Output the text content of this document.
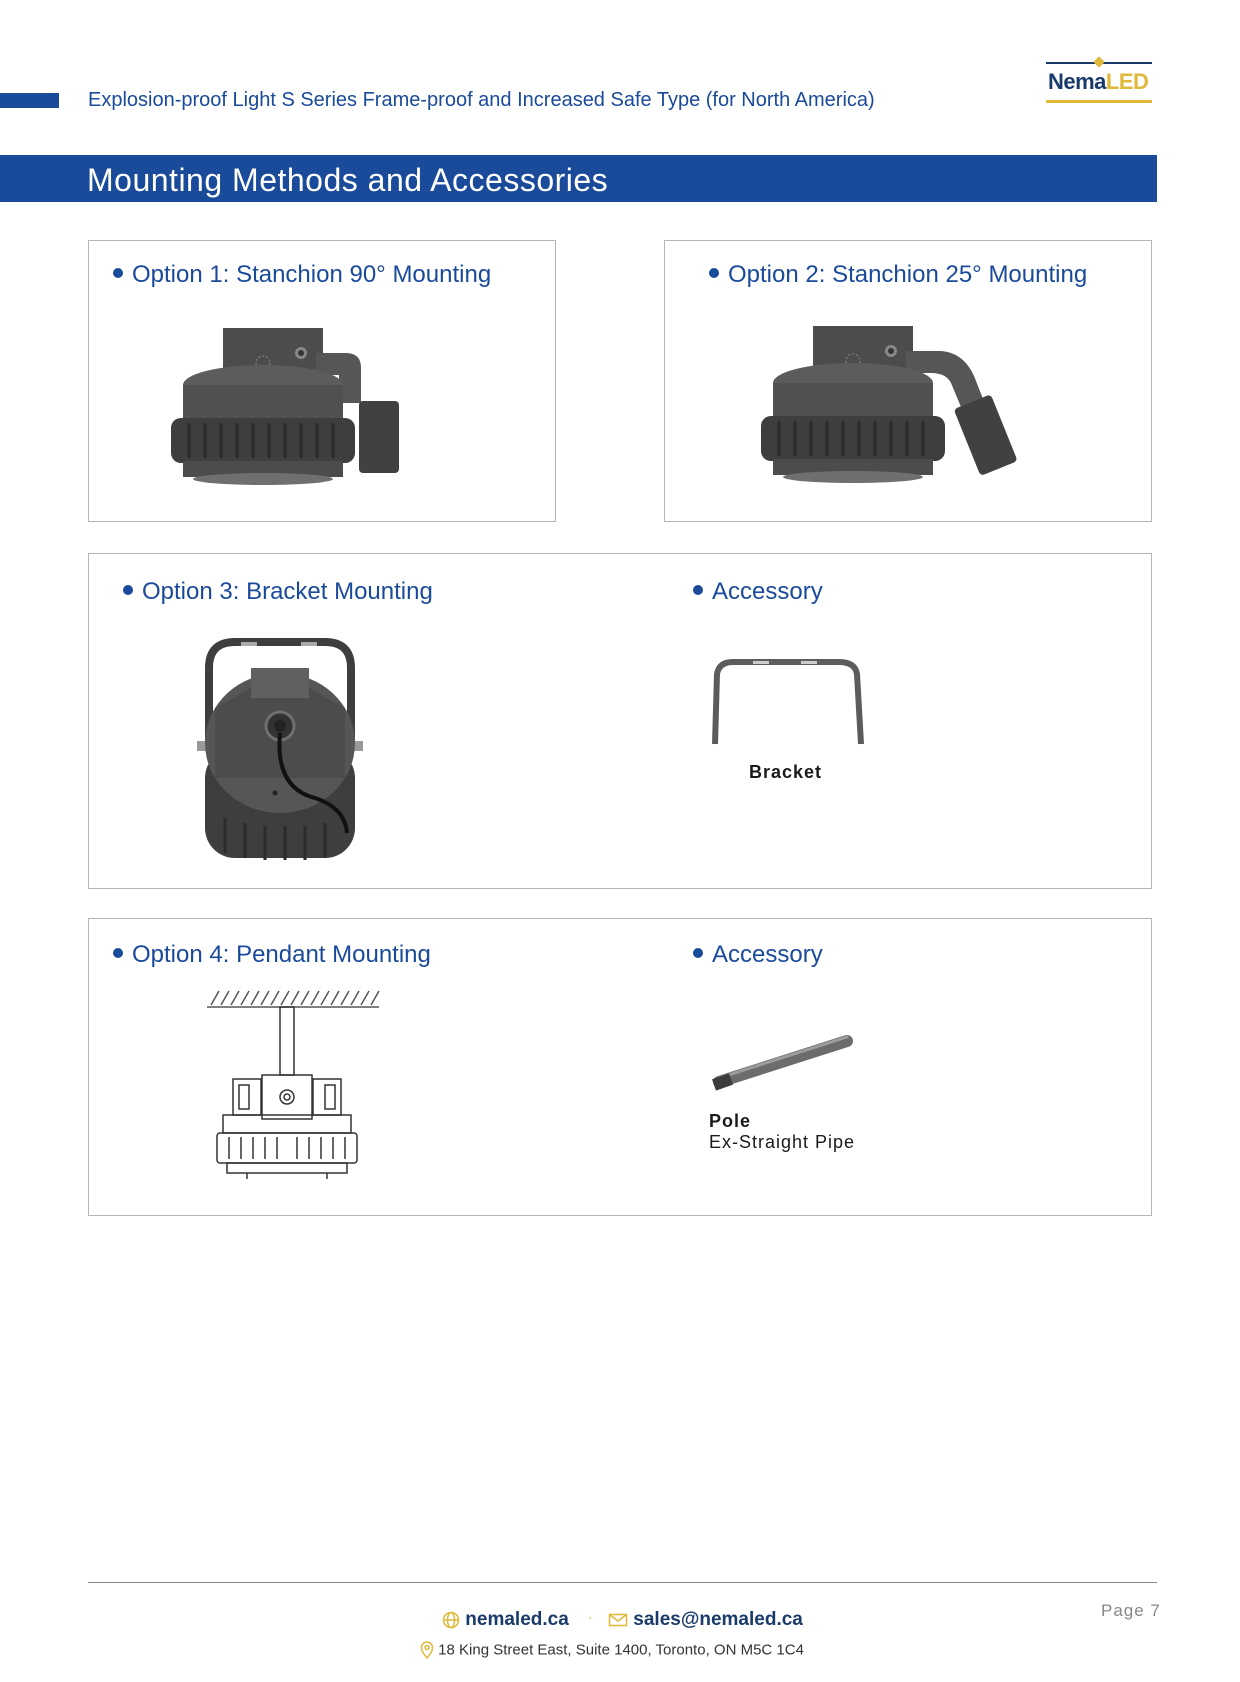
Explosion-proof Light S Series Frame-proof and Increased Safe Type (for North America)
NemaLED
Mounting Methods and Accessories
Option 1: Stanchion 90° Mounting	Option 2: Stanchion 25° Mounting
Option 3: Bracket Mounting	Accessory
Bracket
Option 4: Pendant Mounting	Accessory
Pole
Ex-Straight Pipe
Page 7
nemaled.ca ·	sales@nemaled.ca
18 King Street East, Suite 1400, Toronto, ON M5C 1C4
